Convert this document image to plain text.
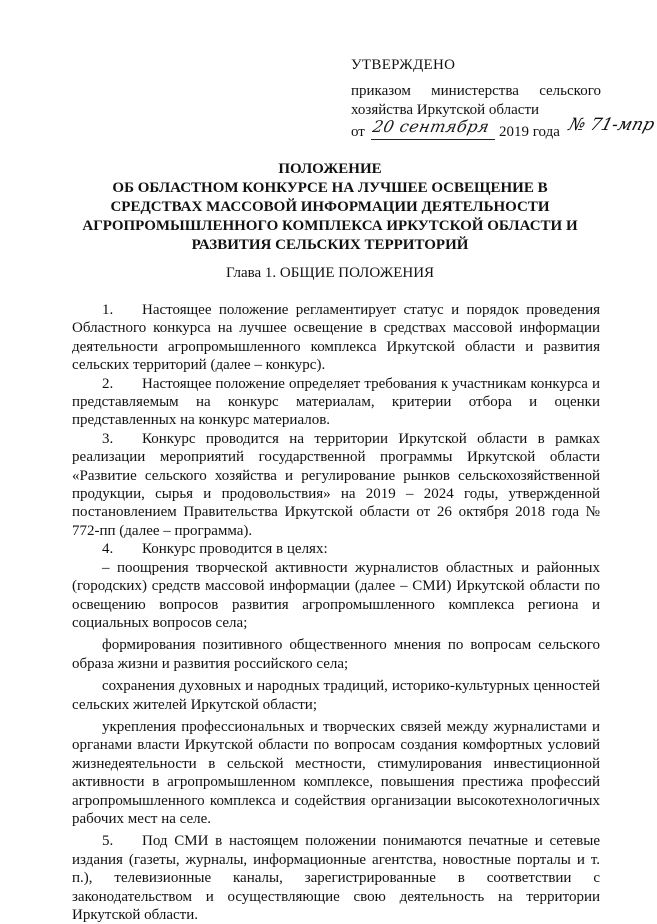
УТВЕРЖДЕНО
приказом министерства сельского
хозяйства Иркутской области
от 20 сентября 2019 года № 71-мпр
ПОЛОЖЕНИЕ
ОБ ОБЛАСТНОМ КОНКУРСЕ НА ЛУЧШЕЕ ОСВЕЩЕНИЕ В
СРЕДСТВАХ МАССОВОЙ ИНФОРМАЦИИ ДЕЯТЕЛЬНОСТИ
АГРОПРОМЫШЛЕННОГО КОМПЛЕКСА ИРКУТСКОЙ ОБЛАСТИ И
РАЗВИТИЯ СЕЛЬСКИХ ТЕРРИТОРИЙ
Глава 1. ОБЩИЕ ПОЛОЖЕНИЯ

1. Настоящее положение регламентирует статус и порядок проведения Областного конкурса на лучшее освещение в средствах массовой информации деятельности агропромышленного комплекса Иркутской области и развития сельских территорий (далее – конкурс).

2. Настоящее положение определяет требования к участникам конкурса и представляемым на конкурс материалам, критерии отбора и оценки представленных на конкурс материалов.

3. Конкурс проводится на территории Иркутской области в рамках реализации мероприятий государственной программы Иркутской области «Развитие сельского хозяйства и регулирование рынков сельскохозяйственной продукции, сырья и продовольствия» на 2019 – 2024 годы, утвержденной постановлением Правительства Иркутской области от 26 октября 2018 года № 772-пп (далее – программа).

4. Конкурс проводится в целях:

– поощрения творческой активности журналистов областных и районных (городских) средств массовой информации (далее – СМИ) Иркутской области по освещению вопросов развития агропромышленного комплекса региона и социальных вопросов села;

формирования позитивного общественного мнения по вопросам сельского образа жизни и развития российского села;

сохранения духовных и народных традиций, историко-культурных ценностей сельских жителей Иркутской области;

укрепления профессиональных и творческих связей между журналистами и органами власти Иркутской области по вопросам создания комфортных условий жизнедеятельности в сельской местности, стимулирования инвестиционной активности в агропромышленном комплексе, повышения престижа профессий агропромышленного комплекса и содействия организации высокотехнологичных рабочих мест на селе.

5. Под СМИ в настоящем положении понимаются печатные и сетевые издания (газеты, журналы, информационные агентства, новостные порталы и т. п.), телевизионные каналы, зарегистрированные в соответствии с законодательством и осуществляющие свою деятельность на территории Иркутской области.
